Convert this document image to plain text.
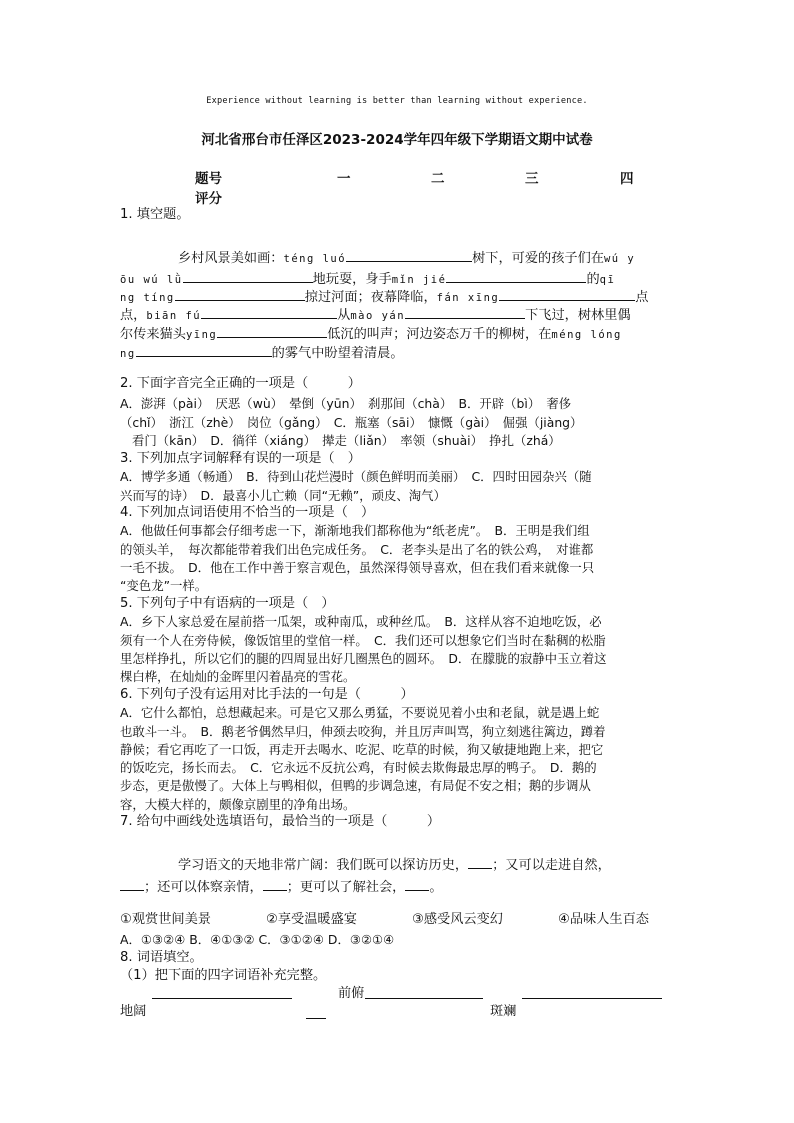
Experience without learning is better than learning without experience.
河北省邢台市任泽区2023-2024学年四年级下学期语文期中试卷
题号	一	二	三	四
评分
1. 填空题。
乡村风景美如画：téng luó	树下，可爱的孩子们在wú y
ōu wú lǜ	地玩耍，身手mǐn jié	的qī
ng tíng	掠过河面；夜幕降临，fán xīng	点
点，biān fú	从mào yán	下飞过，树林里偶
尔传来猫头yīng	低沉的叫声；河边姿态万千的柳树，在méng lóng
ng	的雾气中盼望着清晨。
2. 下面字音完全正确的一项是（　　　）
A．澎湃（pài）　厌恶（wù）　晕倒（yūn）　刹那间（chà）　B．开辟（bì）　奢侈
（chǐ）　浙江（zhè）　岗位（gǎng）　C．瓶塞（sāi）　慷慨（gài）　倔强（jiàng）
看门（kān）　D．徜徉（xiáng）　撵走（liǎn）　率领（shuài）　挣扎（zhá）
3. 下列加点字词解释有误的一项是（　）
A．博学多通（畅通）　B．待到山花烂漫时（颜色鲜明而美丽）　C．四时田园杂兴（随
兴而写的诗）　D．最喜小儿亡赖（同“无赖”，顽皮、淘气）
4. 下列加点词语使用不恰当的一项是（　）
A．他做任何事都会仔细考虑一下，渐渐地我们都称他为“纸老虎”。　B．王明是我们组
的领头羊，　每次都能带着我们出色完成任务。　C．老李头是出了名的铁公鸡，　对谁都
一毛不拔。　D．他在工作中善于察言观色，虽然深得领导喜欢，但在我们看来就像一只
“变色龙”一样。
5. 下列句子中有语病的一项是（　）
A．乡下人家总爱在屋前搭一瓜架，或种南瓜，或种丝瓜。　B．这样从容不迫地吃饭，必
须有一个人在旁侍候，像饭馆里的堂倌一样。　C．我们还可以想象它们当时在黏稠的松脂
里怎样挣扎，所以它们的腿的四周显出好几圈黑色的圆环。　D．在朦胧的寂静中玉立着这
棵白桦，在灿灿的金晖里闪着晶亮的雪花。
6. 下列句子没有运用对比手法的一句是（　　　）
A．它什么都怕，总想藏起来。可是它又那么勇猛，不要说见着小虫和老鼠，就是遇上蛇
也敢斗一斗。　B．鹅老爷偶然早归，伸颈去咬狗，并且厉声叫骂，狗立刻逃往篱边，蹲着
静候；看它再吃了一口饭，再走开去喝水、吃泥、吃草的时候，狗又敏捷地跑上来，把它
的饭吃完，扬长而去。　C．它永远不反抗公鸡，有时候去欺侮最忠厚的鸭子。　D．鹅的
步态，更是傲慢了。大体上与鸭相似，但鸭的步调急速，有局促不安之相；鹅的步调从
容，大模大样的，颇像京剧里的净角出场。
7. 给句中画线处选填语句，最恰当的一项是（　　　）
学习语文的天地非常广阔：我们既可以探访历史， ；又可以走进自然，
；还可以体察亲情， ；更可以了解社会， 。
①观赏世间美景	②享受温暖盛宴	③感受风云变幻	④品味人生百态
A．①③②④ B．④①③② C．③①②④ D．③②①④
8. 词语填空。
（1）把下面的四字词语补充完整。
前俯
地阔	斑斓
